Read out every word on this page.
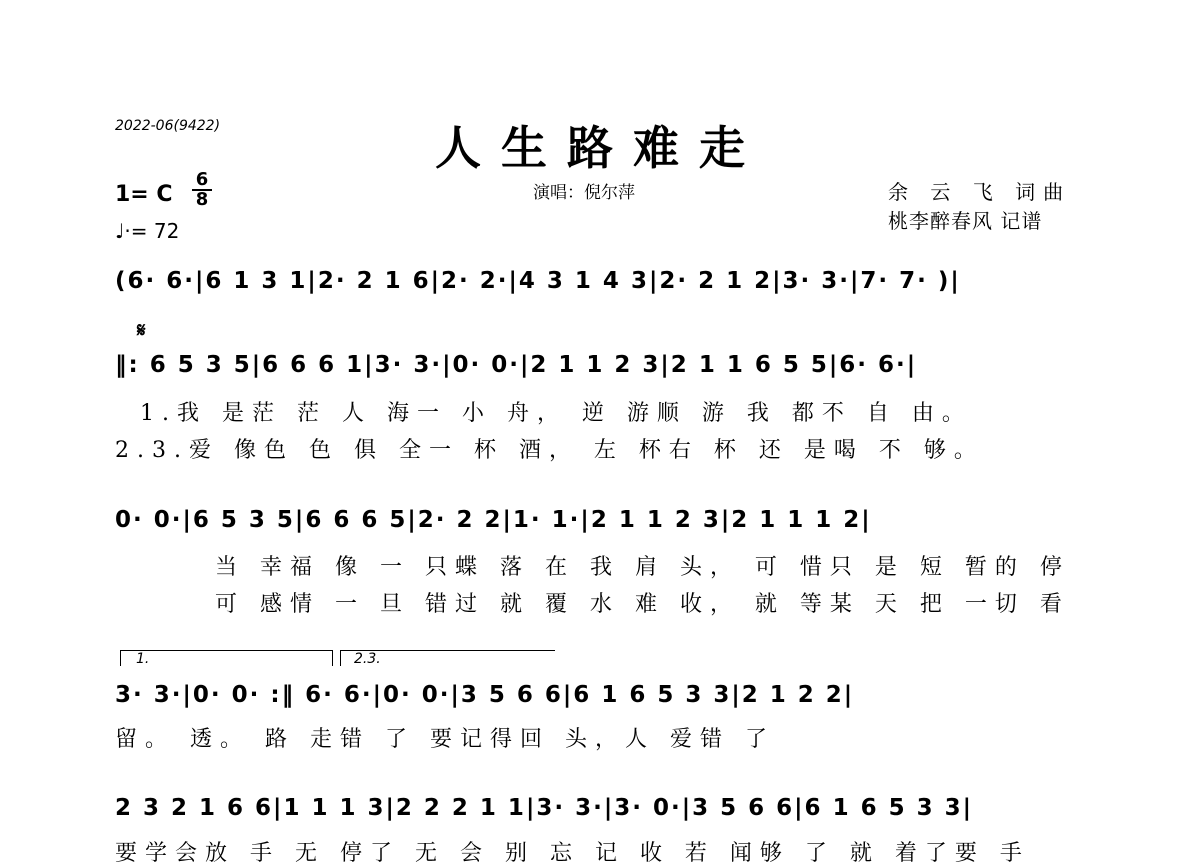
2022-06(9422)	人生路难走
演唱：倪尔萍	余 云 飞 词曲
桃李醉春风 记谱
1= C
6
8
♩·= 72
(6· 6·|6 1 3 1|2· 2 1 6|2· 2·|4 3 1 4 3|2· 2 1 2|3· 3·|7· 7· )|
𝄋
‖: 6 5 3 5|6 6 6 1|3· 3·|0· 0·|2 1 1 2 3|2 1 1 6 5 5|6· 6·|
1.我 是茫 茫 人 海一 小 舟， 逆 游顺 游 我 都不 自 由。
2.3.爱 像色 色 俱 全一 杯 酒， 左 杯右 杯 还 是喝 不 够。
0· 0·|6 5 3 5|6 6 6 5|2· 2 2|1· 1·|2 1 1 2 3|2 1 1 1 2|
当 幸福 像 一 只蝶 落 在 我 肩 头， 可 惜只 是 短 暂的 停
可 感情 一 旦 错过 就 覆 水 难 收， 就 等某 天 把 一切 看
1.	2.3.
3· 3·|0· 0· :‖ 6· 6·|0· 0·|3 5 6 6|6 1 6 5 3 3|2 1 2 2|
留。 透。 路 走错 了 要记得回 头，人 爱错 了
2 3 2 1 6 6|1 1 1 3|2 2 2 1 1|3· 3·|3· 0·|3 5 6 6|6 1 6 5 3 3|
要学会放 手 无 停了 无 会 别 忘 记 收 若 闻够 了 就 着了要 手
